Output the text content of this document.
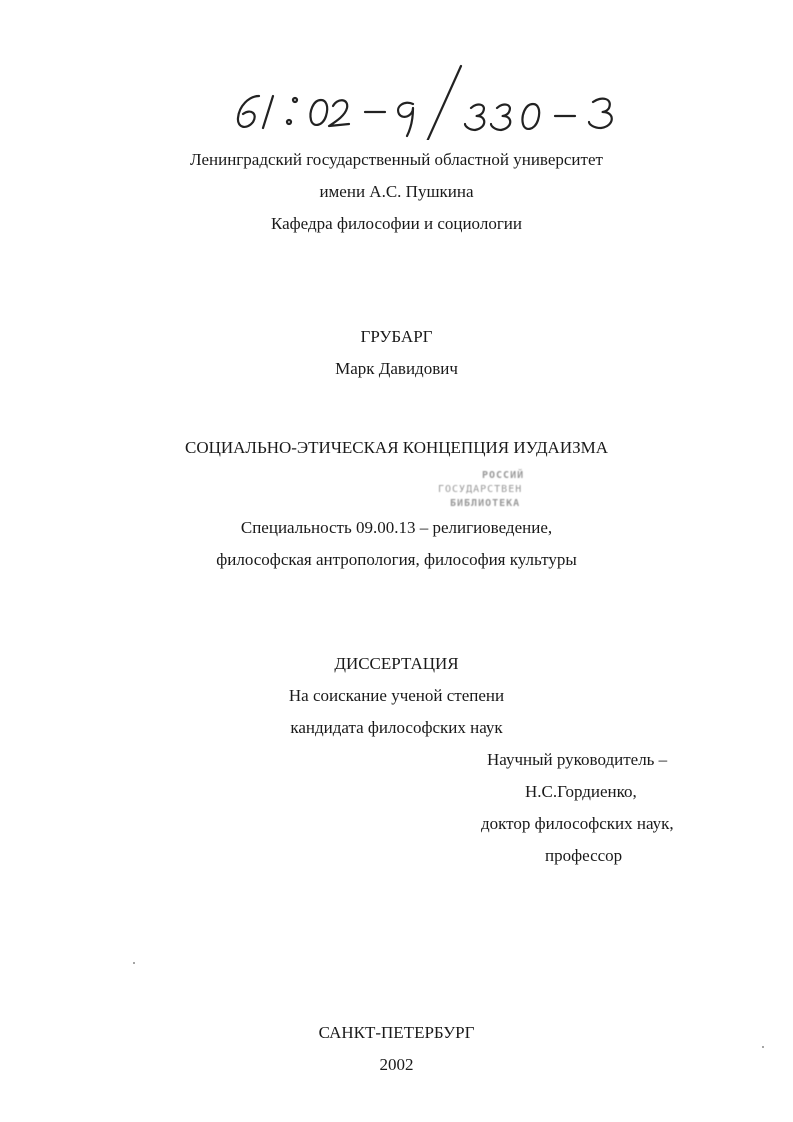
Ленинградский государственный областной университет
имени А.С. Пушкина
Кафедра философии и социологии
ГРУБАРГ
Марк Давидович
СОЦИАЛЬНО-ЭТИЧЕСКАЯ КОНЦЕПЦИЯ ИУДАИЗМА
РОССИЙ
ГОСУДАРСТВЕН
БИБЛИОТЕКА
Специальность 09.00.13 – религиоведение,
философская антропология, философия культуры
ДИССЕРТАЦИЯ
На соискание ученой степени
кандидата философских наук
Научный руководитель –
Н.С.Гордиенко,
доктор философских наук,
профессор
САНКТ-ПЕТЕРБУРГ
2002
